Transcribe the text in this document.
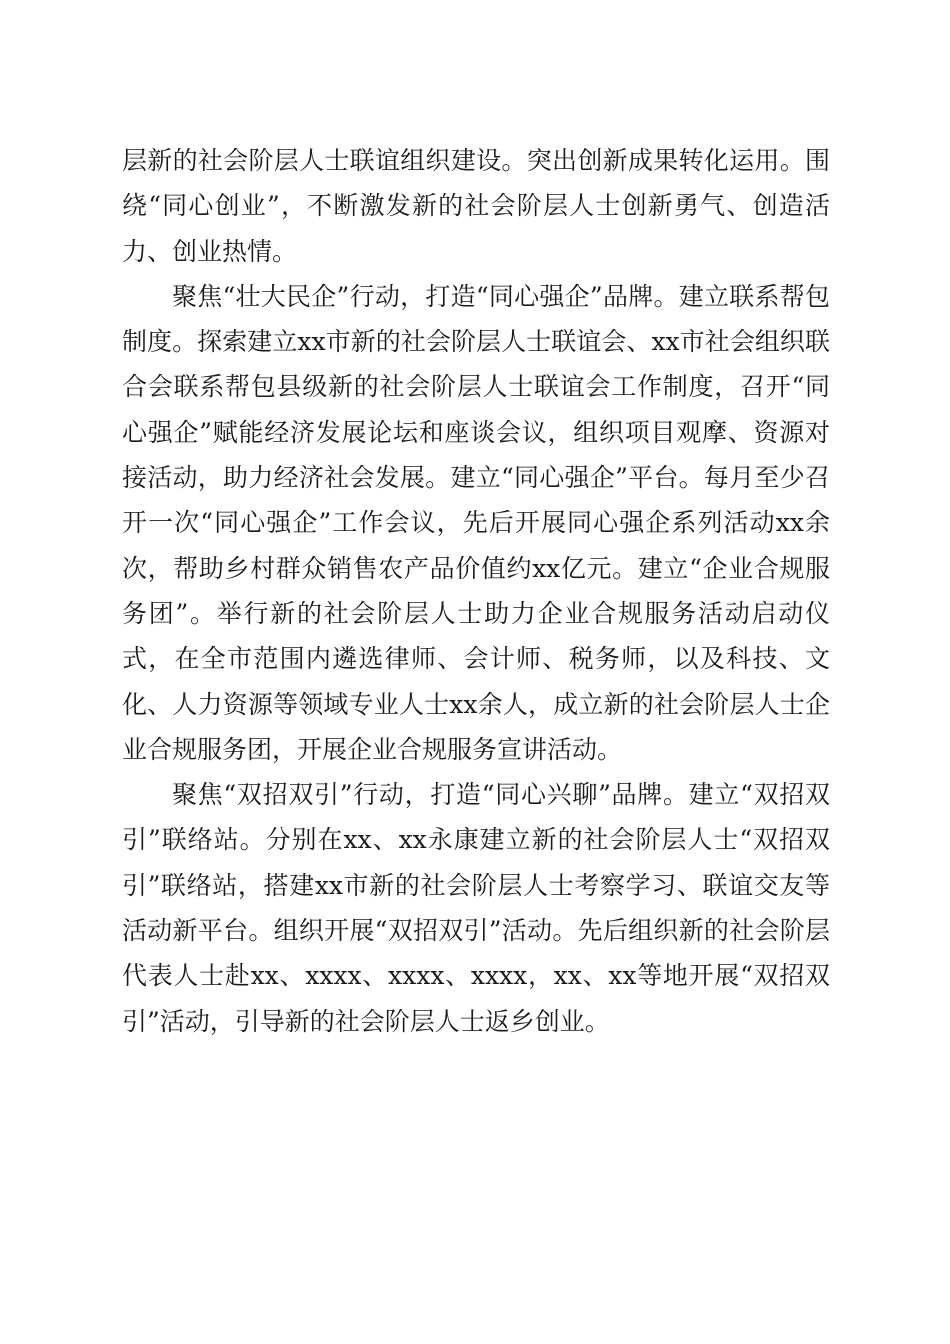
层新的社会阶层人士联谊组织建设。突出创新成果转化运用。围绕“同心创业”，不断激发新的社会阶层人士创新勇气、创造活力、创业热情。

聚焦“壮大民企”行动，打造“同心强企”品牌。建立联系帮包制度。探索建立xx市新的社会阶层人士联谊会、xx市社会组织联合会联系帮包县级新的社会阶层人士联谊会工作制度，召开“同心强企”赋能经济发展论坛和座谈会议，组织项目观摩、资源对接活动，助力经济社会发展。建立“同心强企”平台。每月至少召开一次“同心强企”工作会议，先后开展同心强企系列活动xx余次，帮助乡村群众销售农产品价值约xx亿元。建立“企业合规服务团”。举行新的社会阶层人士助力企业合规服务活动启动仪式，在全市范围内遴选律师、会计师、税务师，以及科技、文化、人力资源等领域专业人士xx余人，成立新的社会阶层人士企业合规服务团，开展企业合规服务宣讲活动。

聚焦“双招双引”行动，打造“同心兴聊”品牌。建立“双招双引”联络站。分别在xx、xx永康建立新的社会阶层人士“双招双引”联络站，搭建xx市新的社会阶层人士考察学习、联谊交友等活动新平台。组织开展“双招双引”活动。先后组织新的社会阶层代表人士赴xx、xxxx、xxxx、xxxx，xx、xx等地开展“双招双引”活动，引导新的社会阶层人士返乡创业。
